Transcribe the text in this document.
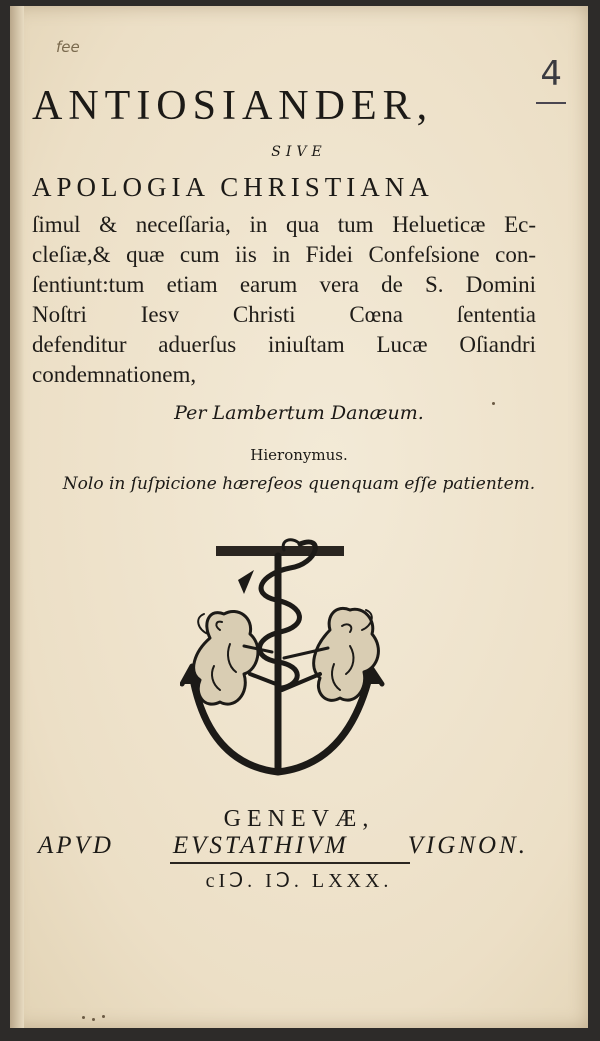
fee
4
ANTIOSIANDER,
SIVE
APOLOGIA CHRISTIANA
ſimul & neceſſaria, in qua tum Helueticæ Ec-
cleſiæ,& quæ cum iis in Fidei Confeſsione con-
ſentiunt:tum etiam earum vera de S. Domini
Noſtri Iesv Christi Cœna ſententia
defenditur aduerſus iniuſtam Lucæ Oſiandri
condemnationem,
Per Lambertum Danæum.
Hieronymus.
Nolo in ſuſpicione hæreſeos quenquam eſſe patientem.
GENEVÆ,
APVD EVSTATHIVM VIGNON.
cIↃ. IↃ. LXXX.
